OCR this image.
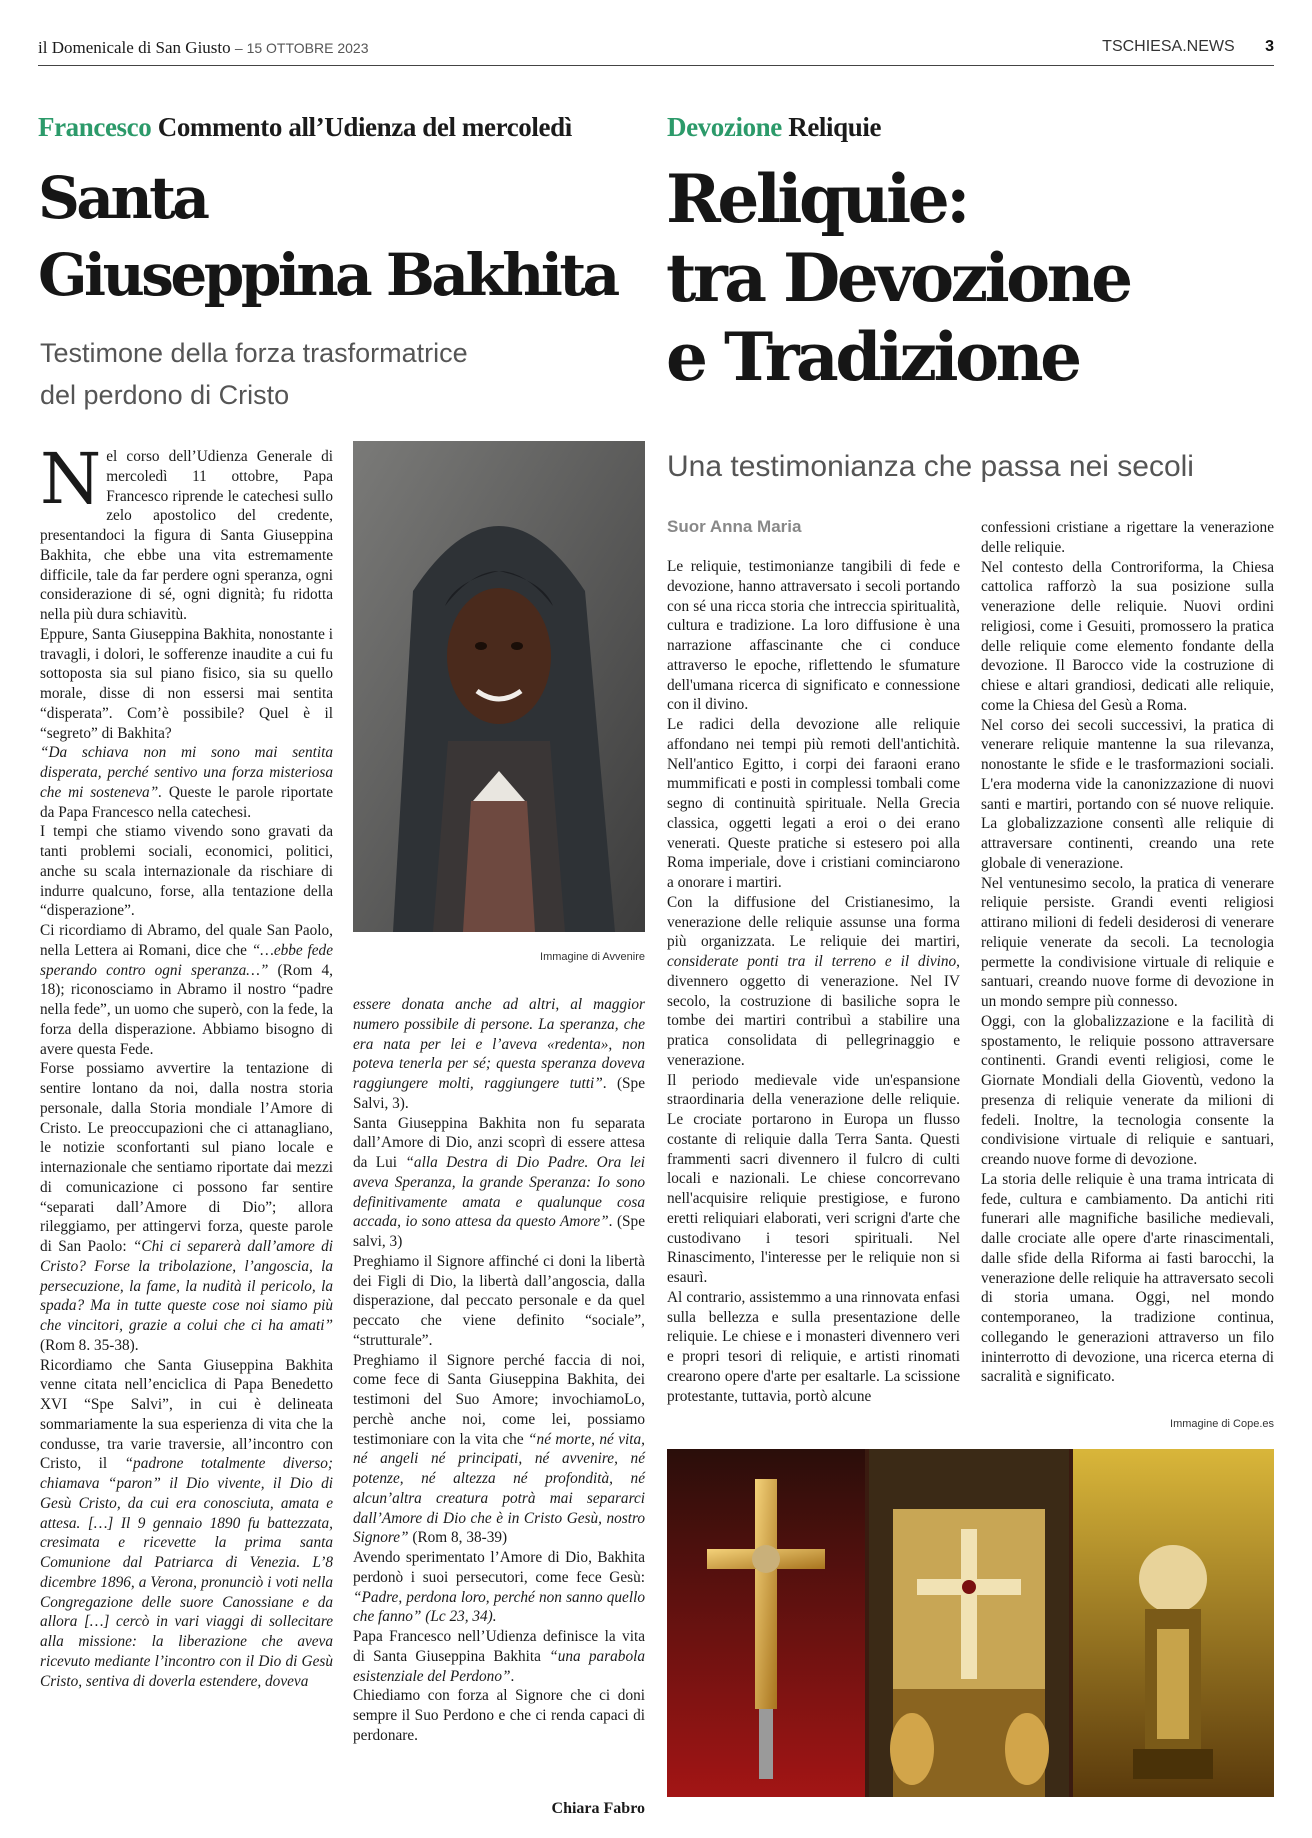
il Domenicale di San Giusto – 15 OTTOBRE 2023	TSCHIESA.NEWS 3
Francesco Commento all’Udienza del mercoledì
Santa
Giuseppina Bakhita
Testimone della forza trasformatrice
del perdono di Cristo

Nel corso dell’Udienza Generale di mercoledì 11 ottobre, Papa Francesco riprende le catechesi sullo zelo apostolico del credente, presentandoci la figura di Santa Giuseppina Bakhita, che ebbe una vita estremamente difficile, tale da far perdere ogni speranza, ogni considerazione di sé, ogni dignità; fu ridotta nella più dura schiavitù.

Eppure, Santa Giuseppina Bakhita, nonostante i travagli, i dolori, le sofferenze inaudite a cui fu sottoposta sia sul piano fisico, sia su quello morale, disse di non essersi mai sentita “disperata”. Com’è possibile? Quel è il “segreto” di Bakhita?
“Da schiava non mi sono mai sentita disperata, perché sentivo una forza misteriosa che mi sosteneva”. Queste le parole riportate da Papa Francesco nella catechesi.

I tempi che stiamo vivendo sono gravati da tanti problemi sociali, economici, politici, anche su scala internazionale da rischiare di indurre qualcuno, forse, alla tentazione della “disperazione”.

Ci ricordiamo di Abramo, del quale San Paolo, nella Lettera ai Romani, dice che “…ebbe fede sperando contro ogni speranza…” (Rom 4, 18); riconosciamo in Abramo il nostro “padre nella fede”, un uomo che superò, con la fede, la forza della disperazione. Abbiamo bisogno di avere questa Fede.

Forse possiamo avvertire la tentazione di sentire lontano da noi, dalla nostra storia personale, dalla Storia mondiale l’Amore di Cristo. Le preoccupazioni che ci attanagliano, le notizie sconfortanti sul piano locale e internazionale che sentiamo riportate dai mezzi di comunicazione ci possono far sentire “separati dall’Amore di Dio”; allora rileggiamo, per attingervi forza, queste parole di San Paolo: “Chi ci separerà dall’amore di Cristo? Forse la tribolazione, l’angoscia, la persecuzione, la fame, la nudità il pericolo, la spada? Ma in tutte queste cose noi siamo più che vincitori, grazie a colui che ci ha amati” (Rom 8. 35-38).

Ricordiamo che Santa Giuseppina Bakhita venne citata nell’enciclica di Papa Benedetto XVI “Spe Salvi”, in cui è delineata sommariamente la sua esperienza di vita che la condusse, tra varie traversie, all’incontro con Cristo, il “padrone totalmente diverso; chiamava “paron” il Dio vivente, il Dio di Gesù Cristo, da cui era conosciuta, amata e attesa. […] Il 9 gennaio 1890 fu battezzata, cresimata e ricevette la prima santa Comunione dal Patriarca di Venezia. L’8 dicembre 1896, a Verona, pronunciò i voti nella Congregazione delle suore Canossiane e da allora […] cercò in vari viaggi di sollecitare alla missione: la liberazione che aveva ricevuto mediante l’incontro con il Dio di Gesù Cristo, sentiva di doverla estendere, doveva

Immagine di Avvenire

essere donata anche ad altri, al maggior numero possibile di persone. La speranza, che era nata per lei e l’aveva «redenta», non poteva tenerla per sé; questa speranza doveva raggiungere molti, raggiungere tutti”. (Spe Salvi, 3).

Santa Giuseppina Bakhita non fu separata dall’Amore di Dio, anzi scoprì di essere attesa da Lui “alla Destra di Dio Padre. Ora lei aveva Speranza, la grande Speranza: Io sono definitivamente amata e qualunque cosa accada, io sono attesa da questo Amore”. (Spe salvi, 3)

Preghiamo il Signore affinché ci doni la libertà dei Figli di Dio, la libertà dall’angoscia, dalla disperazione, dal peccato personale e da quel peccato che viene definito “sociale”, “strutturale”.

Preghiamo il Signore perché faccia di noi, come fece di Santa Giuseppina Bakhita, dei testimoni del Suo Amore; invochiamoLo, perchè anche noi, come lei, possiamo testimoniare con la vita che “né morte, né vita, né angeli né principati, né avvenire, né potenze, né altezza né profondità, né alcun’altra creatura potrà mai separarci dall’Amore di Dio che è in Cristo Gesù, nostro Signore” (Rom 8, 38-39)

Avendo sperimentato l’Amore di Dio, Bakhita perdonò i suoi persecutori, come fece Gesù: “Padre, perdona loro, perché non sanno quello che fanno” (Lc 23, 34).

Papa Francesco nell’Udienza definisce la vita di Santa Giuseppina Bakhita “una parabola esistenziale del Perdono”.

Chiediamo con forza al Signore che ci doni sempre il Suo Perdono e che ci renda capaci di perdonare.

Chiara Fabro
Devozione Reliquie
Reliquie:
tra Devozione
e Tradizione
Una testimonianza che passa nei secoli
Suor Anna Maria

Le reliquie, testimonianze tangibili di fede e devozione, hanno attraversato i secoli portando con sé una ricca storia che intreccia spiritualità, cultura e tradizione. La loro diffusione è una narrazione affascinante che ci conduce attraverso le epoche, riflettendo le sfumature dell'umana ricerca di significato e connessione con il divino.

Le radici della devozione alle reliquie affondano nei tempi più remoti dell'antichità. Nell'antico Egitto, i corpi dei faraoni erano mummificati e posti in complessi tombali come segno di continuità spirituale. Nella Grecia classica, oggetti legati a eroi o dei erano venerati. Queste pratiche si estesero poi alla Roma imperiale, dove i cristiani cominciarono a onorare i martiri.

Con la diffusione del Cristianesimo, la venerazione delle reliquie assunse una forma più organizzata. Le reliquie dei martiri, considerate ponti tra il terreno e il divino, divennero oggetto di venerazione. Nel IV secolo, la costruzione di basiliche sopra le tombe dei martiri contribuì a stabilire una pratica consolidata di pellegrinaggio e venerazione.

Il periodo medievale vide un'espansione straordinaria della venerazione delle reliquie. Le crociate portarono in Europa un flusso costante di reliquie dalla Terra Santa. Questi frammenti sacri divennero il fulcro di culti locali e nazionali. Le chiese concorrevano nell'acquisire reliquie prestigiose, e furono eretti reliquiari elaborati, veri scrigni d'arte che custodivano i tesori spirituali. Nel Rinascimento, l'interesse per le reliquie non si esaurì.

Al contrario, assistemmo a una rinnovata enfasi sulla bellezza e sulla presentazione delle reliquie. Le chiese e i monasteri divennero veri e propri tesori di reliquie, e artisti rinomati crearono opere d'arte per esaltarle. La scissione protestante, tuttavia, portò alcune

confessioni cristiane a rigettare la venerazione delle reliquie.

Nel contesto della Controriforma, la Chiesa cattolica rafforzò la sua posizione sulla venerazione delle reliquie. Nuovi ordini religiosi, come i Gesuiti, promossero la pratica delle reliquie come elemento fondante della devozione. Il Barocco vide la costruzione di chiese e altari grandiosi, dedicati alle reliquie, come la Chiesa del Gesù a Roma.

Nel corso dei secoli successivi, la pratica di venerare reliquie mantenne la sua rilevanza, nonostante le sfide e le trasformazioni sociali. L'era moderna vide la canonizzazione di nuovi santi e martiri, portando con sé nuove reliquie. La globalizzazione consentì alle reliquie di attraversare continenti, creando una rete globale di venerazione.

Nel ventunesimo secolo, la pratica di venerare reliquie persiste. Grandi eventi religiosi attirano milioni di fedeli desiderosi di venerare reliquie venerate da secoli. La tecnologia permette la condivisione virtuale di reliquie e santuari, creando nuove forme di devozione in un mondo sempre più connesso.

Oggi, con la globalizzazione e la facilità di spostamento, le reliquie possono attraversare continenti. Grandi eventi religiosi, come le Giornate Mondiali della Gioventù, vedono la presenza di reliquie venerate da milioni di fedeli. Inoltre, la tecnologia consente la condivisione virtuale di reliquie e santuari, creando nuove forme di devozione.

La storia delle reliquie è una trama intricata di fede, cultura e cambiamento. Da antichi riti funerari alle magnifiche basiliche medievali, dalle crociate alle opere d'arte rinascimentali, dalle sfide della Riforma ai fasti barocchi, la venerazione delle reliquie ha attraversato secoli di storia umana. Oggi, nel mondo contemporaneo, la tradizione continua, collegando le generazioni attraverso un filo ininterrotto di devozione, una ricerca eterna di sacralità e significato.

Immagine di Cope.es
